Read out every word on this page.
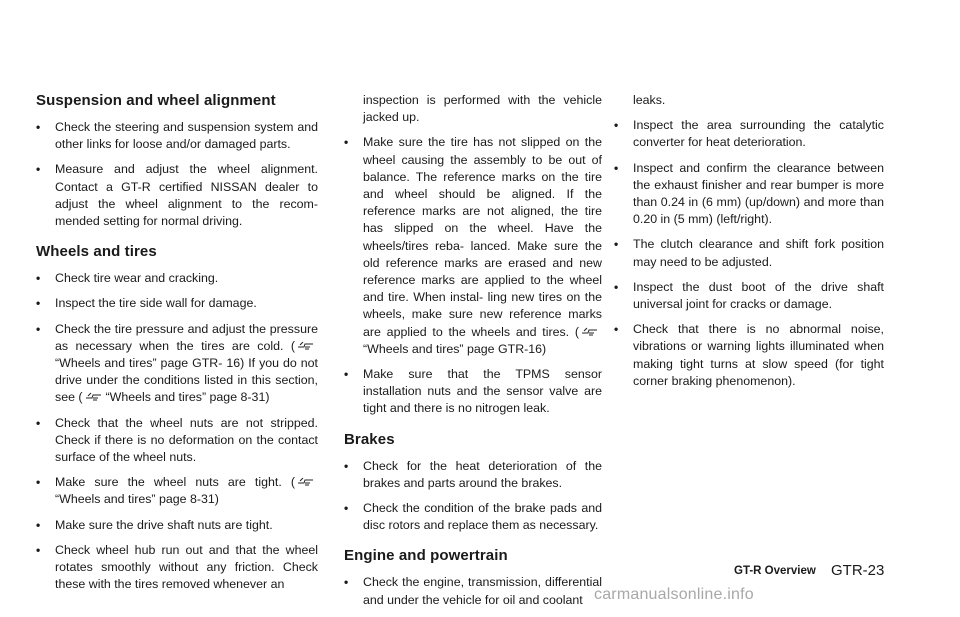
Suspension and wheel alignment
• Check the steering and suspension system and other links for loose and/or damaged parts.
• Measure and adjust the wheel alignment. Contact a GT-R certified NISSAN dealer to adjust the wheel alignment to the recom- mended setting for normal driving.
Wheels and tires
• Check tire wear and cracking.
• Inspect the tire side wall for damage.
• Check the tire pressure and adjust the pressure as necessary when the tires are cold. (“Wheels and tires” page GTR- 16) If you do not drive under the conditions listed in this section, see ( “Wheels and tires” page 8-31)
• Check that the wheel nuts are not stripped. Check if there is no deformation on the contact surface of the wheel nuts.
• Make sure the wheel nuts are tight. (“Wheels and tires” page 8-31)
• Make sure the drive shaft nuts are tight.
• Check wheel hub run out and that the wheel rotates smoothly without any friction. Check these with the tires removed whenever an

inspection is performed with the vehicle jacked up.

• Make sure the tire has not slipped on the wheel causing the assembly to be out of balance. The reference marks on the tire and wheel should be aligned. If the reference marks are not aligned, the tire has slipped on the wheel. Have the wheels/tires reba- lanced. Make sure the old reference marks are erased and new reference marks are applied to the wheel and tire. When instal- ling new tires on the wheels, make sure new reference marks are applied to the wheels and tires. (“Wheels and tires” page GTR-16)
• Make sure that the TPMS sensor installation nuts and the sensor valve are tight and there is no nitrogen leak.
Brakes
• Check for the heat deterioration of the brakes and parts around the brakes.
• Check the condition of the brake pads and disc rotors and replace them as necessary.
Engine and powertrain
• Check the engine, transmission, differential and under the vehicle for oil and coolant

leaks.

• Inspect the area surrounding the catalytic converter for heat deterioration.
• Inspect and confirm the clearance between the exhaust finisher and rear bumper is more than 0.24 in (6 mm) (up/down) and more than 0.20 in (5 mm) (left/right).
• The clutch clearance and shift fork position may need to be adjusted.
• Inspect the dust boot of the drive shaft universal joint for cracks or damage.
• Check that there is no abnormal noise, vibrations or warning lights illuminated when making tight turns at slow speed (for tight corner braking phenomenon).
GT-R Overview GTR-23
carmanualsonline.info
